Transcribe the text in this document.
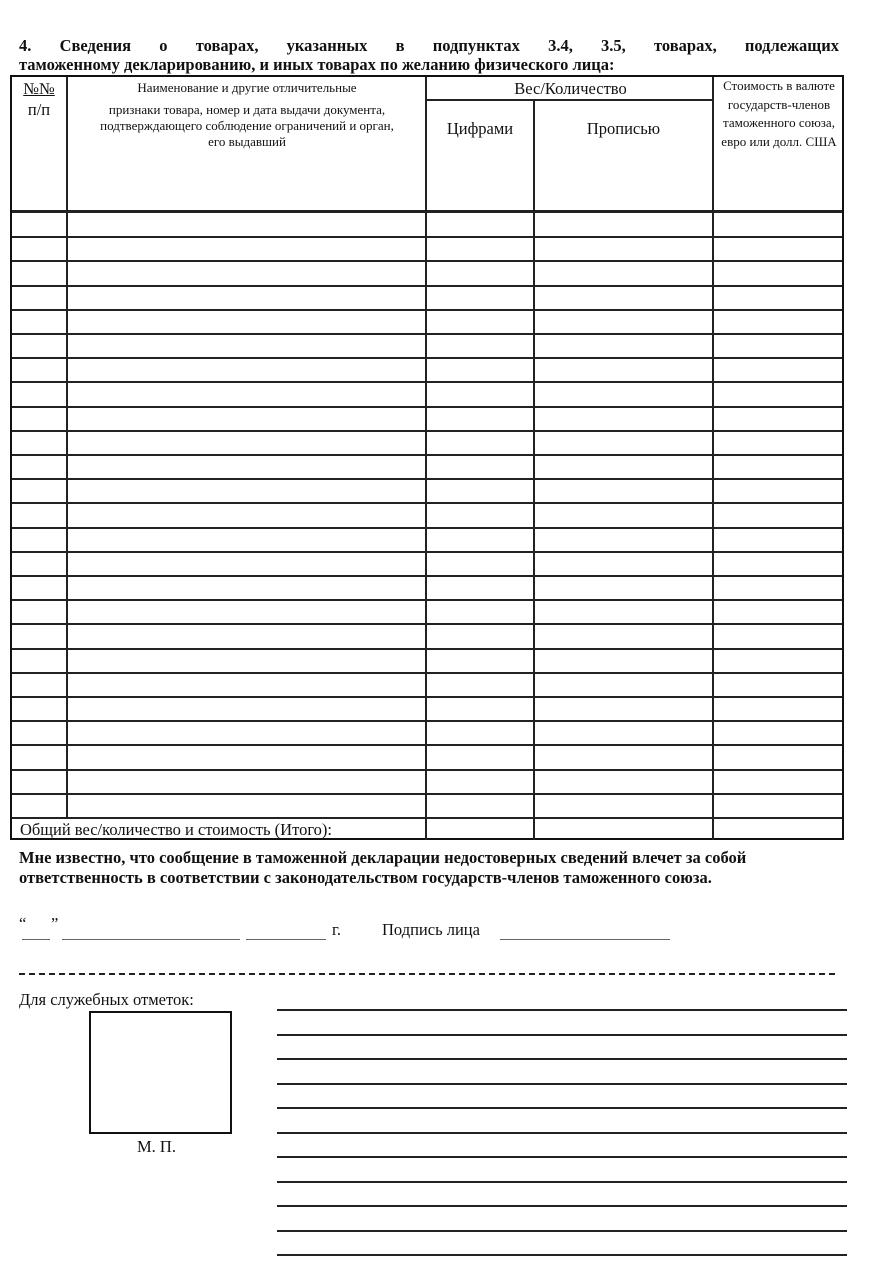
4. Сведения о товарах, указанных в подпунктах 3.4, 3.5, товарах, подлежащих
таможенному декларированию, и иных товарах по желанию физического лица:
№№
п/п
Наименование и другие отличительные
признаки товара, номер и дата выдачи документа, подтверждающего соблюдение ограничений и орган, его выдавший
Вес/Количество
Цифрами	Прописью
Стоимость в валюте государств-членов таможенного союза, евро или долл. США
Общий вес/количество и стоимость (Итого):
Мне известно, что сообщение в таможенной декларации недостоверных сведений влечет за собой ответственность в соответствии с законодательством государств-членов таможенного союза.
“ ”	г. Подпись лица
Для служебных отметок:
М. П.
